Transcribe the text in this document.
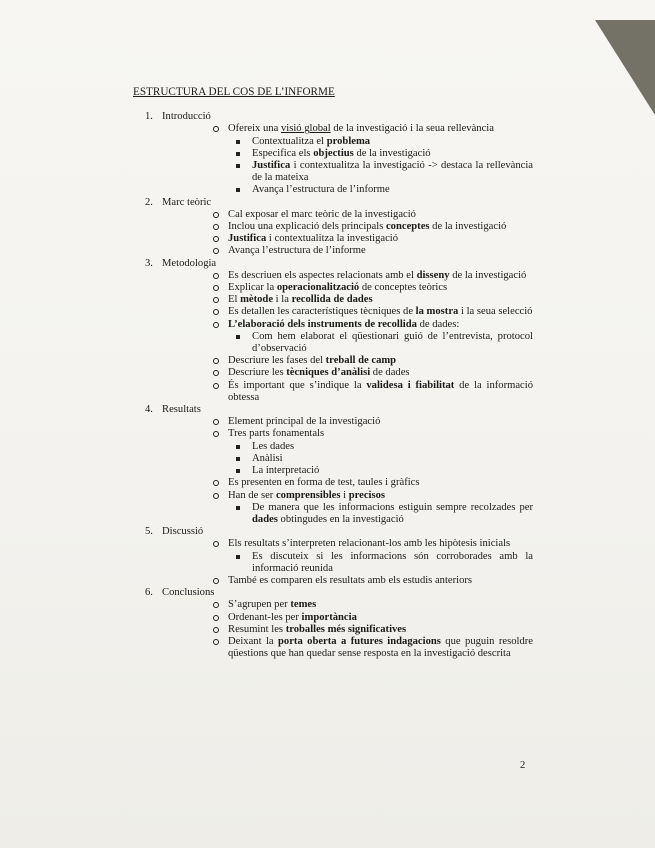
ESTRUCTURA DEL COS DE L’INFORME
1. Introducció
Ofereix una visió global de la investigació i la seua rellevància
Contextualitza el problema
Especifica els objectius de la investigació
Justifica i contextualitza la investigació -> destaca la rellevància de la mateixa
Avança l’estructura de l’informe
2. Marc teòric
Cal exposar el marc teòric de la investigació
Inclou una explicació dels principals conceptes de la investigació
Justifica i contextualitza la investigació
Avança l’estructura de l’informe
3. Metodologia
Es descriuen els aspectes relacionats amb el disseny de la investigació
Explicar la operacionalització de conceptes teòrics
El mètode i la recollida de dades
Es detallen les característiques tècniques de la mostra i la seua selecció
L’elaboració dels instruments de recollida de dades:
Com hem elaborat el qüestionari guió de l’entrevista, protocol d’observació
Descriure les fases del treball de camp
Descriure les tècniques d’anàlisi de dades
És important que s’indique la validesa i fiabilitat de la informació obtessa
4. Resultats
Element principal de la investigació
Tres parts fonamentals
Les dades
Anàlisi
La interpretació
Es presenten en forma de test, taules i gràfics
Han de ser comprensibles i precisos
De manera que les informacions estiguin sempre recolzades per dades obtingudes en la investigació
5. Discussió
Els resultats s’interpreten relacionant-los amb les hipòtesis inicials
Es discuteix si les informacions són corroborades amb la informació reunida
També es comparen els resultats amb els estudis anteriors
6. Conclusions
S’agrupen per temes
Ordenant-les per importància
Resumint les troballes més significatives
Deixant la porta oberta a futures indagacions que puguin resoldre qüestions que han quedar sense resposta en la investigació descrita
2
